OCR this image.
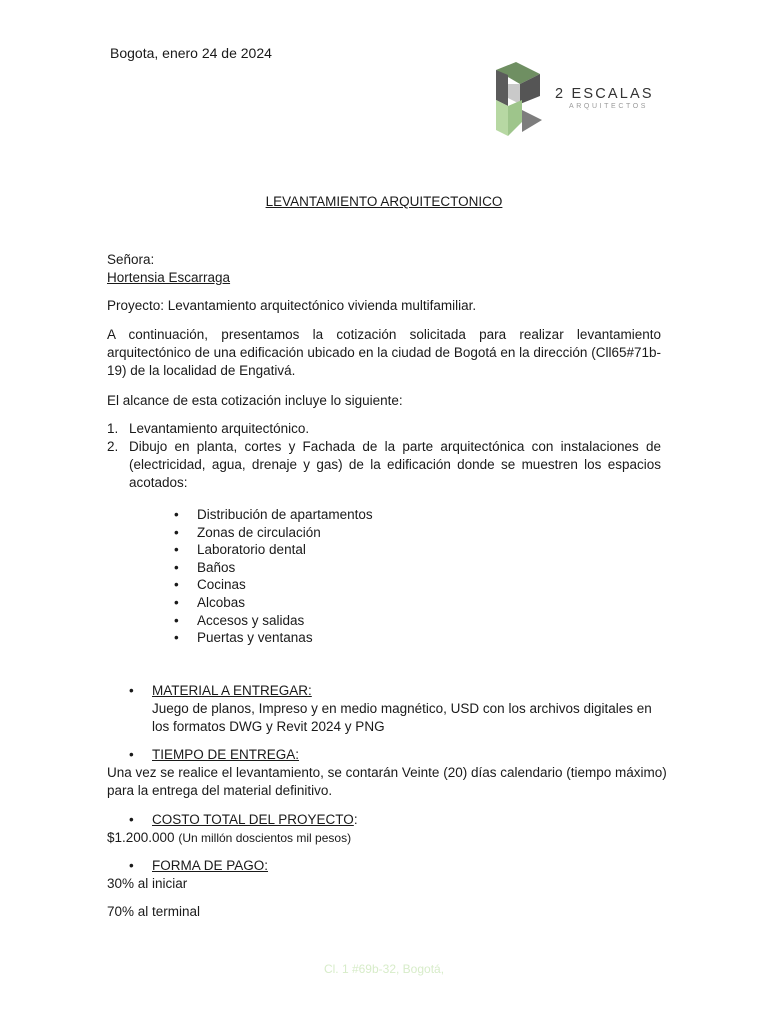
Bogota, enero 24 de 2024
2 ESCALAS
ARQUITECTOS
LEVANTAMIENTO ARQUITECTONICO
Señora:
Hortensia Escarraga
Proyecto: Levantamiento arquitectónico vivienda multifamiliar.
A continuación, presentamos la cotización solicitada para realizar levantamiento arquitectónico de una edificación ubicado en la ciudad de Bogotá en la dirección (Cll65#71b-19) de la localidad de Engativá.
El alcance de esta cotización incluye lo siguiente:
1. Levantamiento arquitectónico.
2. Dibujo en planta, cortes y Fachada de la parte arquitectónica con instalaciones de (electricidad, agua, drenaje y gas) de la edificación donde se muestren los espacios acotados:
• Distribución de apartamentos
• Zonas de circulación
• Laboratorio dental
• Baños
• Cocinas
• Alcobas
• Accesos y salidas
• Puertas y ventanas
• MATERIAL A ENTREGAR:
Juego de planos, Impreso y en medio magnético, USD con los archivos digitales en los formatos DWG y Revit 2024 y PNG
• TIEMPO DE ENTREGA:
Una vez se realice el levantamiento, se contarán Veinte (20) días calendario (tiempo máximo) para la entrega del material definitivo.
• COSTO TOTAL DEL PROYECTO:
$1.200.000 (Un millón doscientos mil pesos)
• FORMA DE PAGO:
30% al iniciar
70% al terminal
Cl. 1 #69b-32, Bogotá,
